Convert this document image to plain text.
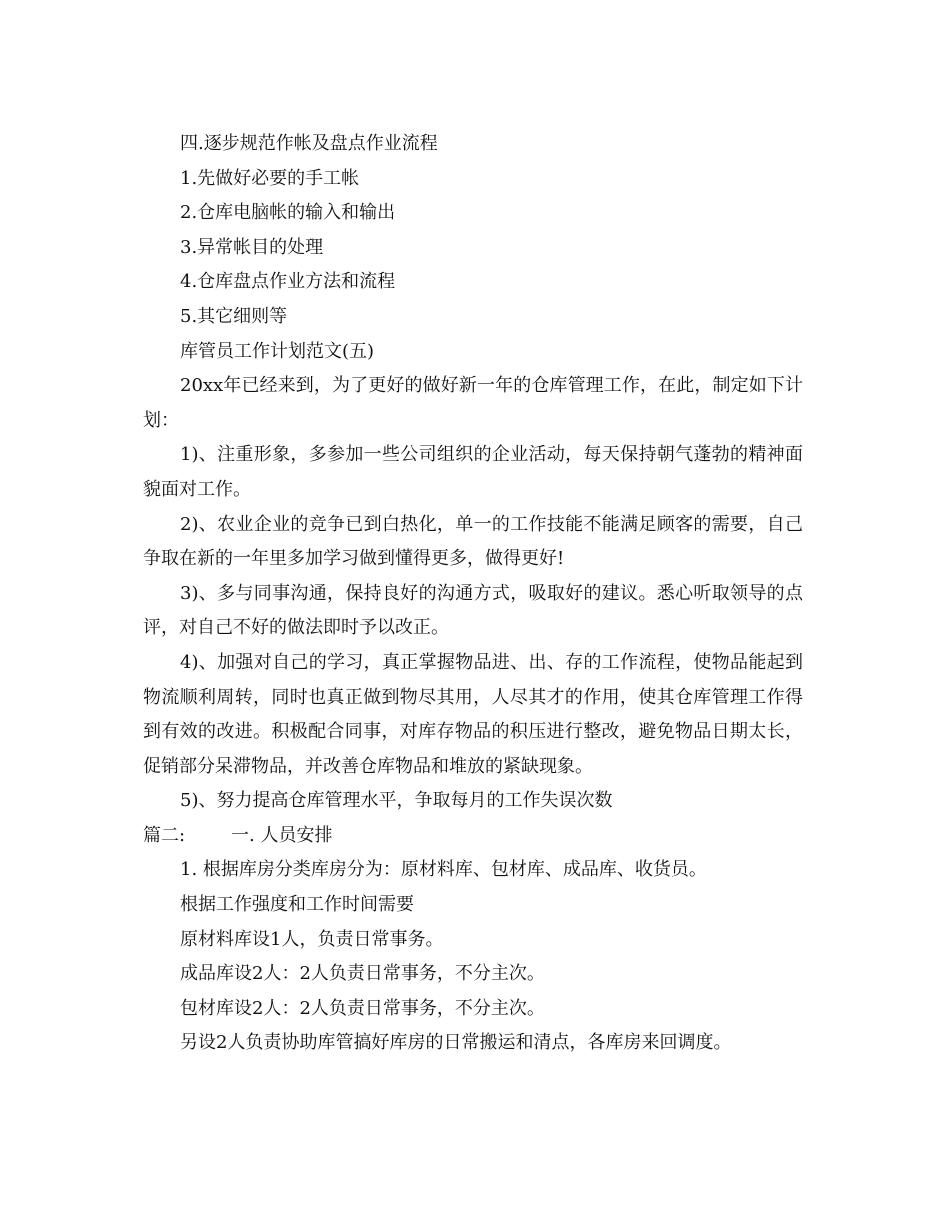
四.逐步规范作帐及盘点作业流程
1.先做好必要的手工帐
2.仓库电脑帐的输入和输出
3.异常帐目的处理
4.仓库盘点作业方法和流程
5.其它细则等
库管员工作计划范文(五)
20xx年已经来到，为了更好的做好新一年的仓库管理工作，在此，制定如下计划：
1)、注重形象，多参加一些公司组织的企业活动，每天保持朝气蓬勃的精神面貌面对工作。
2)、农业企业的竞争已到白热化，单一的工作技能不能满足顾客的需要，自己争取在新的一年里多加学习做到懂得更多，做得更好!
3)、多与同事沟通，保持良好的沟通方式，吸取好的建议。悉心听取领导的点评，对自己不好的做法即时予以改正。
4)、加强对自己的学习，真正掌握物品进、出、存的工作流程，使物品能起到物流顺利周转，同时也真正做到物尽其用，人尽其才的作用，使其仓库管理工作得到有效的改进。积极配合同事，对库存物品的积压进行整改，避免物品日期太长，促销部分呆滞物品，并改善仓库物品和堆放的紧缺现象。
5)、努力提高仓库管理水平，争取每月的工作失误次数
篇二:	一. 人员安排
1. 根据库房分类库房分为：原材料库、包材库、成品库、收货员。
根据工作强度和工作时间需要
原材料库设1人，负责日常事务。
成品库设2人：2人负责日常事务，不分主次。
包材库设2人：2人负责日常事务，不分主次。
另设2人负责协助库管搞好库房的日常搬运和清点，各库房来回调度。
